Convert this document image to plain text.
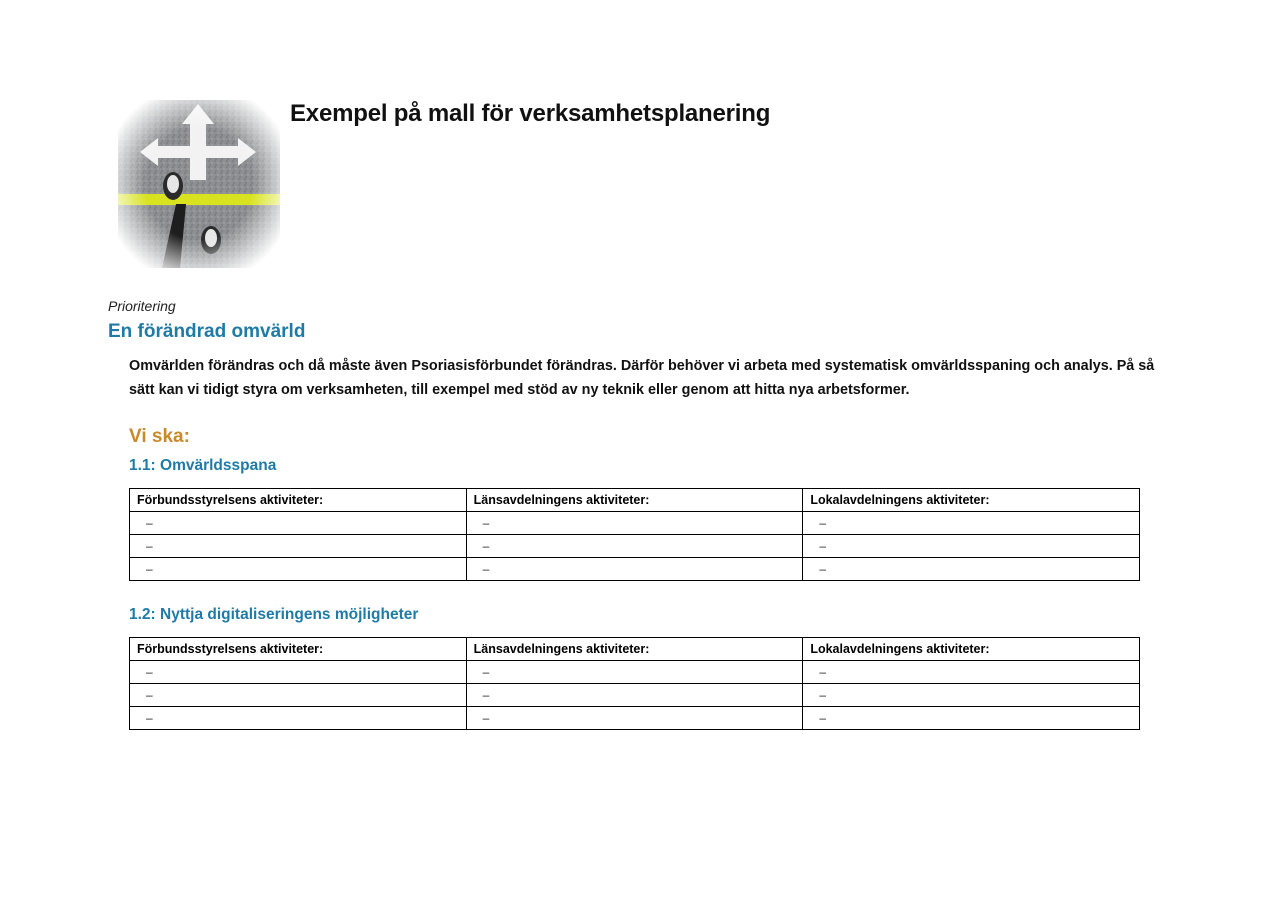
Exempel på mall för verksamhetsplanering
Prioritering
En förändrad omvärld

Omvärlden förändras och då måste även Psoriasisförbundet förändras. Därför behöver vi arbeta med systematisk omvärldsspaning och analys. På så sätt kan vi tidigt styra om verksamheten, till exempel med stöd av ny teknik eller genom att hitta nya arbetsformer.

Vi ska:
1.1: Omvärldsspana
Förbundsstyrelsens aktiviteter:	Länsavdelningens aktiviteter:	Lokalavdelningens aktiviteter:
–	–	–
–	–	–
–	–	–
1.2: Nyttja digitaliseringens möjligheter
Förbundsstyrelsens aktiviteter:	Länsavdelningens aktiviteter:	Lokalavdelningens aktiviteter:
–	–	–
–	–	–
–	–	–
